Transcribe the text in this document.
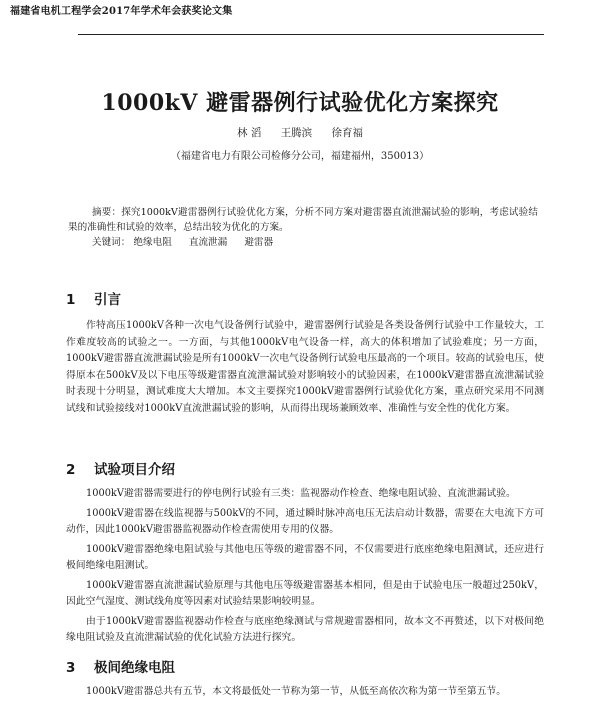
福建省电机工程学会2017年学术年会获奖论文集
1000kV 避雷器例行试验优化方案探究
林 滔 王腾滨 徐育福
（福建省电力有限公司检修分公司，福建福州，350013）

摘要：探究1000kV避雷器例行试验优化方案，分析不同方案对避雷器直流泄漏试验的影响，考虑试验结果的准确性和试验的效率，总结出较为优化的方案。

关键词： 绝缘电阻 直流泄漏 避雷器

1 引言

作特高压1000kV各种一次电气设备例行试验中，避雷器例行试验是各类设备例行试验中工作量较大，工作难度较高的试验之一。一方面，与其他1000kV电气设备一样，高大的体积增加了试验难度；另一方面，1000kV避雷器直流泄漏试验是所有1000kV一次电气设备例行试验电压最高的一个项目。较高的试验电压，使得原本在500kV及以下电压等级避雷器直流泄漏试验对影响较小的试验因素，在1000kV避雷器直流泄漏试验时表现十分明显，测试难度大大增加。本文主要探究1000kV避雷器例行试验优化方案，重点研究采用不同测试线和试验接线对1000kV直流泄漏试验的影响，从而得出现场兼顾效率、准确性与安全性的优化方案。

2 试验项目介绍

1000kV避雷器需要进行的停电例行试验有三类：监视器动作检查、绝缘电阻试验、直流泄漏试验。

1000kV避雷器在线监视器与500kV的不同，通过瞬时脉冲高电压无法启动计数器，需要在大电流下方可动作，因此1000kV避雷器监视器动作检查需使用专用的仪器。

1000kV避雷器绝缘电阻试验与其他电压等级的避雷器不同，不仅需要进行底座绝缘电阻测试，还应进行极间绝缘电阻测试。

1000kV避雷器直流泄漏试验原理与其他电压等级避雷器基本相同，但是由于试验电压一般超过250kV，因此空气湿度、测试线角度等因素对试验结果影响较明显。

由于1000kV避雷器监视器动作检查与底座绝缘测试与常规避雷器相同，故本文不再赘述，以下对极间绝缘电阻试验及直流泄漏试验的优化试验方法进行探究。

3 极间绝缘电阻

1000kV避雷器总共有五节，本文将最低处一节称为第一节，从低至高依次称为第一节至第五节。
